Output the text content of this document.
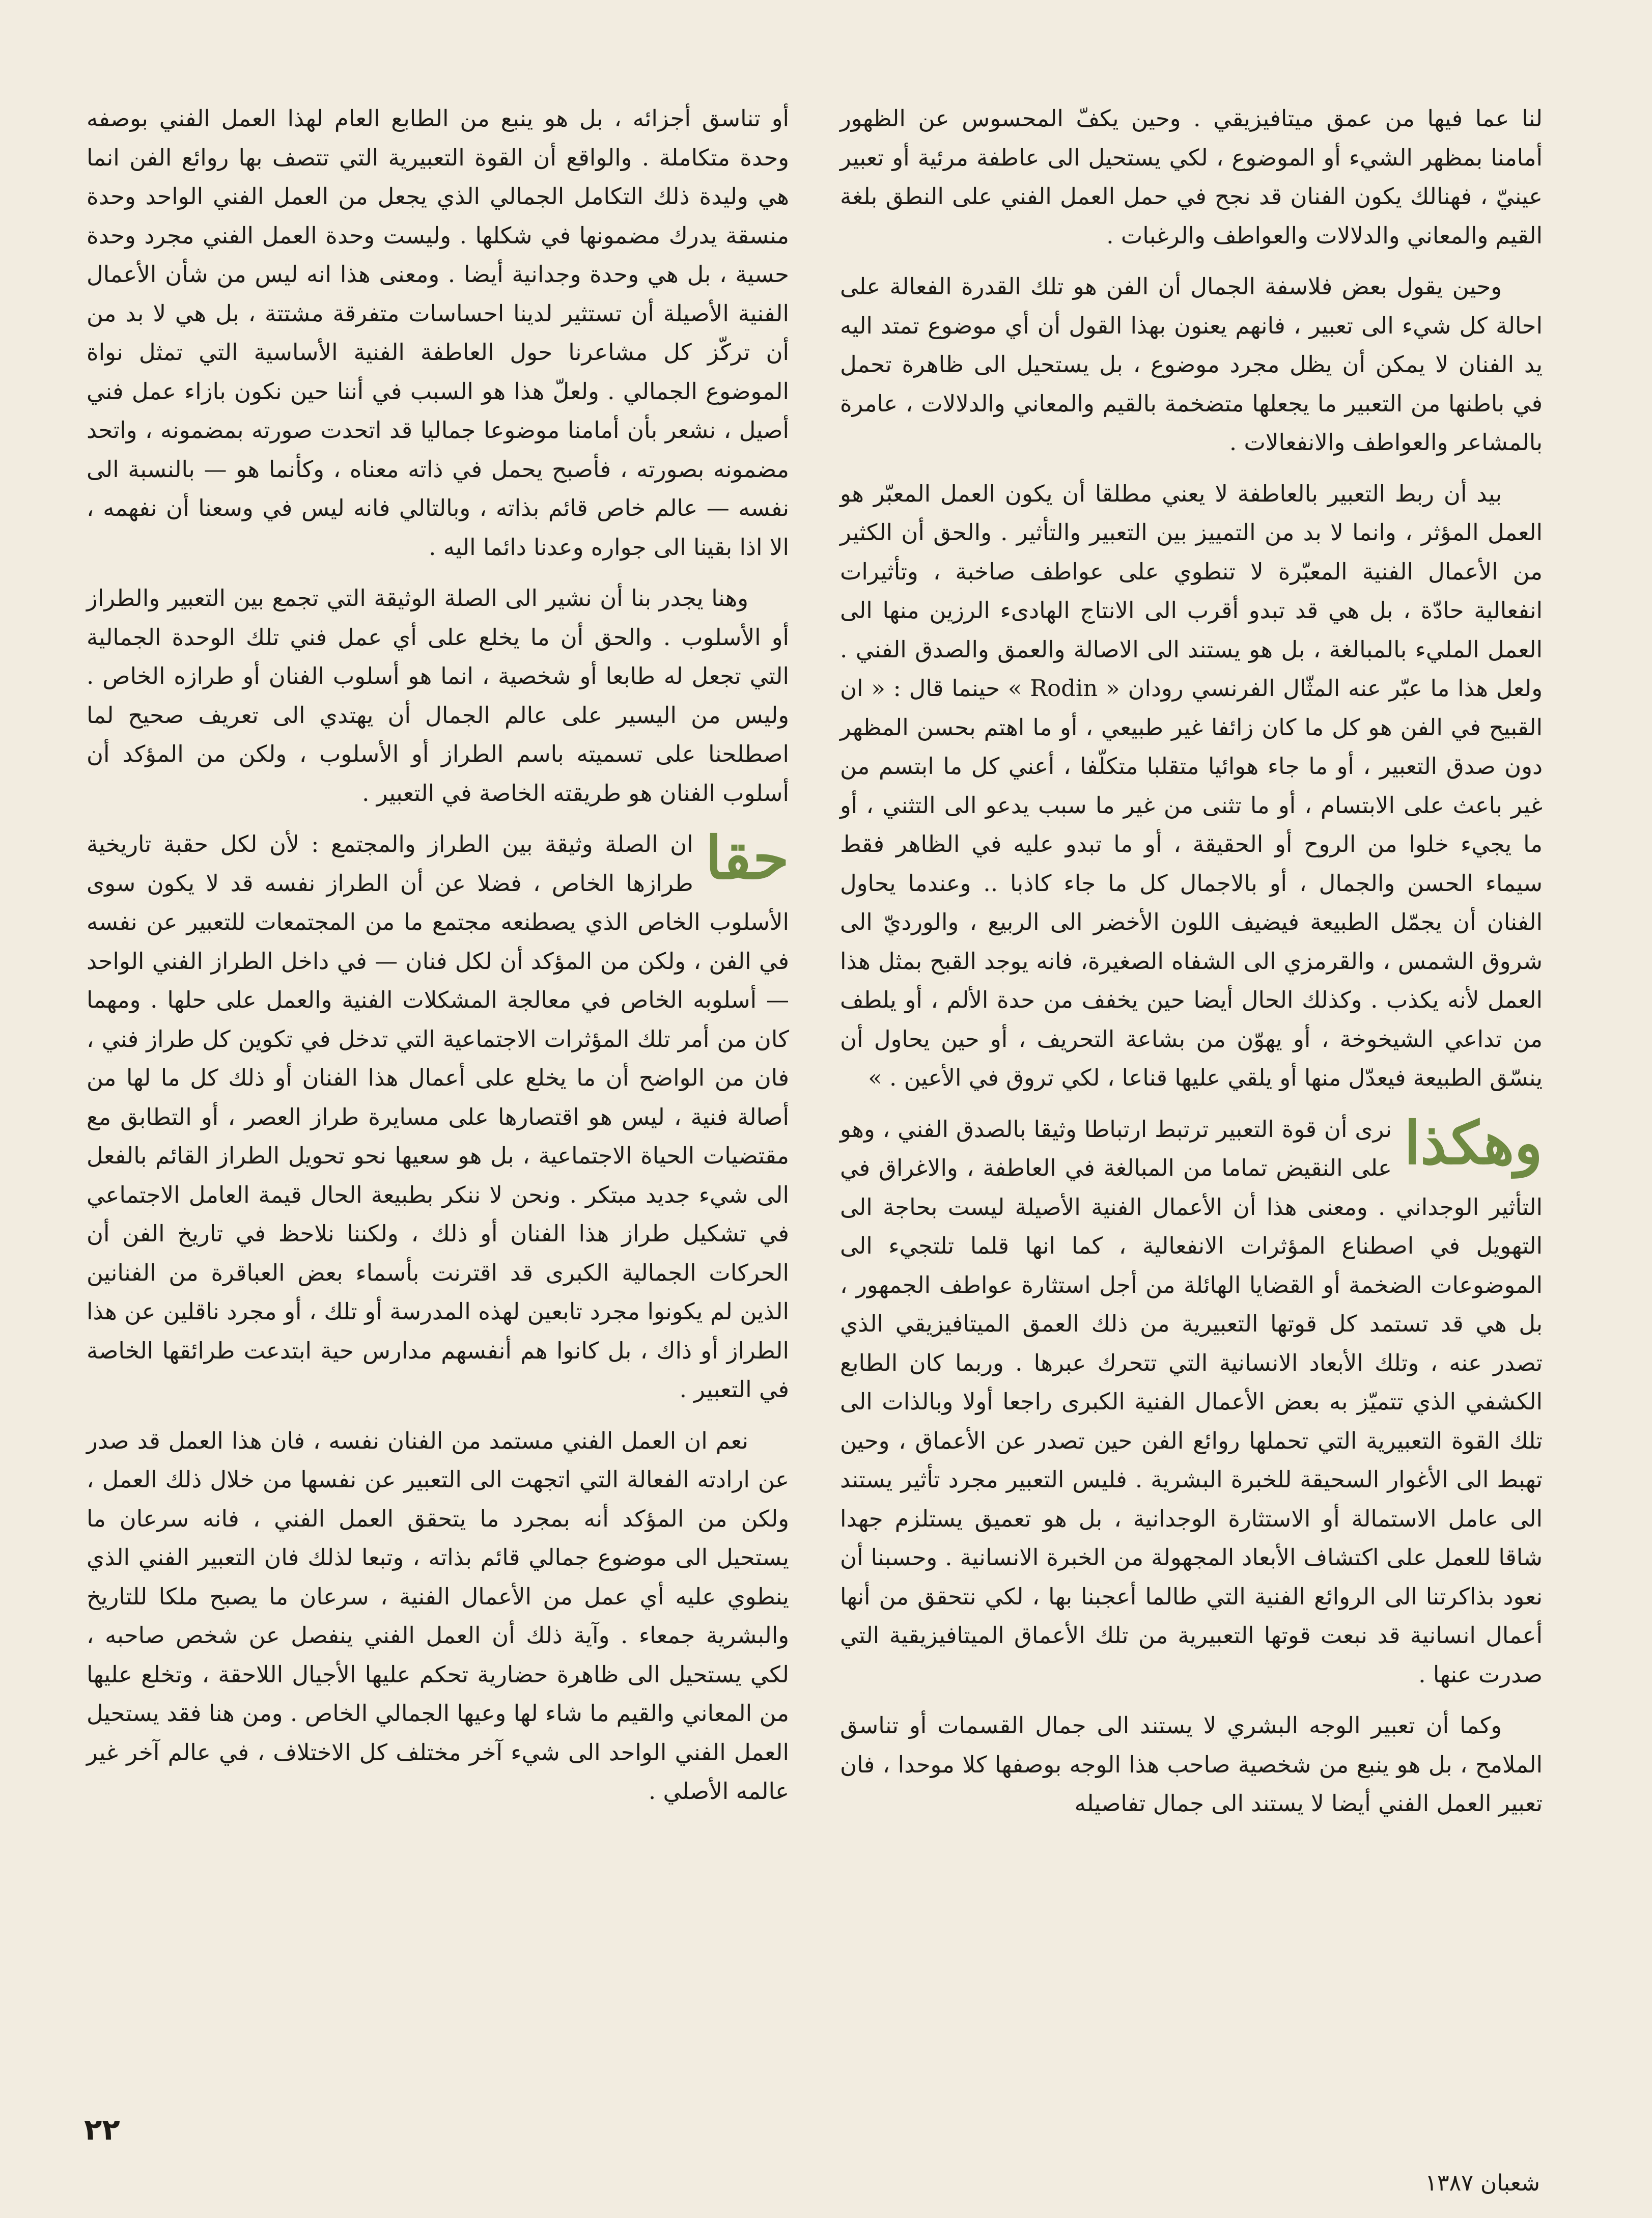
لنا عما فيها من عمق ميتافيزيقي . وحين يكفّ المحسوس عن الظهور أمامنا بمظهر الشيء أو الموضوع ، لكي يستحيل الى عاطفة مرئية أو تعبير عينيّ ، فهنالك يكون الفنان قد نجح في حمل العمل الفني على النطق بلغة القيم والمعاني والدلالات والعواطف والرغبات .

وحين يقول بعض فلاسفة الجمال أن الفن هو تلك القدرة الفعالة على احالة كل شيء الى تعبير ، فانهم يعنون بهذا القول أن أي موضوع تمتد اليه يد الفنان لا يمكن أن يظل مجرد موضوع ، بل يستحيل الى ظاهرة تحمل في باطنها من التعبير ما يجعلها متضخمة بالقيم والمعاني والدلالات ، عامرة بالمشاعر والعواطف والانفعالات .

بيد أن ربط التعبير بالعاطفة لا يعني مطلقا أن يكون العمل المعبّر هو العمل المؤثر ، وانما لا بد من التمييز بين التعبير والتأثير . والحق أن الكثير من الأعمال الفنية المعبّرة لا تنطوي على عواطف صاخبة ، وتأثيرات انفعالية حادّة ، بل هي قد تبدو أقرب الى الانتاج الهادىء الرزين منها الى العمل المليء بالمبالغة ، بل هو يستند الى الاصالة والعمق والصدق الفني . ولعل هذا ما عبّر عنه المثّال الفرنسي رودان « Rodin » حينما قال : « ان القبيح في الفن هو كل ما كان زائفا غير طبيعي ، أو ما اهتم بحسن المظهر دون صدق التعبير ، أو ما جاء هوائيا متقلبا متكلّفا ، أعني كل ما ابتسم من غير باعث على الابتسام ، أو ما تثنى من غير ما سبب يدعو الى التثني ، أو ما يجيء خلوا من الروح أو الحقيقة ، أو ما تبدو عليه في الظاهر فقط سيماء الحسن والجمال ، أو بالاجمال كل ما جاء كاذبا .. وعندما يحاول الفنان أن يجمّل الطبيعة فيضيف اللون الأخضر الى الربيع ، والورديّ الى شروق الشمس ، والقرمزي الى الشفاه الصغيرة، فانه يوجد القبح بمثل هذا العمل لأنه يكذب . وكذلك الحال أيضا حين يخفف من حدة الألم ، أو يلطف من تداعي الشيخوخة ، أو يهوّن من بشاعة التحريف ، أو حين يحاول أن ينسّق الطبيعة فيعدّل منها أو يلقي عليها قناعا ، لكي تروق في الأعين . »

وهكذا
نرى أن قوة التعبير ترتبط ارتباطا وثيقا بالصدق الفني ، وهو على النقيض تماما من المبالغة في العاطفة ، والاغراق في التأثير الوجداني . ومعنى هذا أن الأعمال الفنية الأصيلة ليست بحاجة الى التهويل في اصطناع المؤثرات الانفعالية ، كما انها قلما تلتجيء الى الموضوعات الضخمة أو القضايا الهائلة من أجل استثارة عواطف الجمهور ، بل هي قد تستمد كل قوتها التعبيرية من ذلك العمق الميتافيزيقي الذي تصدر عنه ، وتلك الأبعاد الانسانية التي تتحرك عبرها . وربما كان الطابع الكشفي الذي تتميّز به بعض الأعمال الفنية الكبرى راجعا أولا وبالذات الى تلك القوة التعبيرية التي تحملها روائع الفن حين تصدر عن الأعماق ، وحين تهبط الى الأغوار السحيقة للخبرة البشرية . فليس التعبير مجرد تأثير يستند الى عامل الاستمالة أو الاستثارة الوجدانية ، بل هو تعميق يستلزم جهدا شاقا للعمل على اكتشاف الأبعاد المجهولة من الخبرة الانسانية . وحسبنا أن نعود بذاكرتنا الى الروائع الفنية التي طالما أعجبنا بها ، لكي نتحقق من أنها أعمال انسانية قد نبعت قوتها التعبيرية من تلك الأعماق الميتافيزيقية التي صدرت عنها .

وكما أن تعبير الوجه البشري لا يستند الى جمال القسمات أو تناسق الملامح ، بل هو ينبع من شخصية صاحب هذا الوجه بوصفها كلا موحدا ، فان تعبير العمل الفني أيضا لا يستند الى جمال تفاصيله

أو تناسق أجزائه ، بل هو ينبع من الطابع العام لهذا العمل الفني بوصفه وحدة متكاملة . والواقع أن القوة التعبيرية التي تتصف بها روائع الفن انما هي وليدة ذلك التكامل الجمالي الذي يجعل من العمل الفني الواحد وحدة منسقة يدرك مضمونها في شكلها . وليست وحدة العمل الفني مجرد وحدة حسية ، بل هي وحدة وجدانية أيضا . ومعنى هذا انه ليس من شأن الأعمال الفنية الأصيلة أن تستثير لدينا احساسات متفرقة مشتتة ، بل هي لا بد من أن تركّز كل مشاعرنا حول العاطفة الفنية الأساسية التي تمثل نواة الموضوع الجمالي . ولعلّ هذا هو السبب في أننا حين نكون بازاء عمل فني أصيل ، نشعر بأن أمامنا موضوعا جماليا قد اتحدت صورته بمضمونه ، واتحد مضمونه بصورته ، فأصبح يحمل في ذاته معناه ، وكأنما هو — بالنسبة الى نفسه — عالم خاص قائم بذاته ، وبالتالي فانه ليس في وسعنا أن نفهمه ، الا اذا بقينا الى جواره وعدنا دائما اليه .

وهنا يجدر بنا أن نشير الى الصلة الوثيقة التي تجمع بين التعبير والطراز أو الأسلوب . والحق أن ما يخلع على أي عمل فني تلك الوحدة الجمالية التي تجعل له طابعا أو شخصية ، انما هو أسلوب الفنان أو طرازه الخاص . وليس من اليسير على عالم الجمال أن يهتدي الى تعريف صحيح لما اصطلحنا على تسميته باسم الطراز أو الأسلوب ، ولكن من المؤكد أن أسلوب الفنان هو طريقته الخاصة في التعبير .

حقا
ان الصلة وثيقة بين الطراز والمجتمع : لأن لكل حقبة تاريخية طرازها الخاص ، فضلا عن أن الطراز نفسه قد لا يكون سوى الأسلوب الخاص الذي يصطنعه مجتمع ما من المجتمعات للتعبير عن نفسه في الفن ، ولكن من المؤكد أن لكل فنان — في داخل الطراز الفني الواحد — أسلوبه الخاص في معالجة المشكلات الفنية والعمل على حلها . ومهما كان من أمر تلك المؤثرات الاجتماعية التي تدخل في تكوين كل طراز فني ، فان من الواضح أن ما يخلع على أعمال هذا الفنان أو ذلك كل ما لها من أصالة فنية ، ليس هو اقتصارها على مسايرة طراز العصر ، أو التطابق مع مقتضيات الحياة الاجتماعية ، بل هو سعيها نحو تحويل الطراز القائم بالفعل الى شيء جديد مبتكر . ونحن لا ننكر بطبيعة الحال قيمة العامل الاجتماعي في تشكيل طراز هذا الفنان أو ذلك ، ولكننا نلاحظ في تاريخ الفن أن الحركات الجمالية الكبرى قد اقترنت بأسماء بعض العباقرة من الفنانين الذين لم يكونوا مجرد تابعين لهذه المدرسة أو تلك ، أو مجرد ناقلين عن هذا الطراز أو ذاك ، بل كانوا هم أنفسهم مدارس حية ابتدعت طرائقها الخاصة في التعبير .

نعم ان العمل الفني مستمد من الفنان نفسه ، فان هذا العمل قد صدر عن ارادته الفعالة التي اتجهت الى التعبير عن نفسها من خلال ذلك العمل ، ولكن من المؤكد أنه بمجرد ما يتحقق العمل الفني ، فانه سرعان ما يستحيل الى موضوع جمالي قائم بذاته ، وتبعا لذلك فان التعبير الفني الذي ينطوي عليه أي عمل من الأعمال الفنية ، سرعان ما يصبح ملكا للتاريخ والبشرية جمعاء . وآية ذلك أن العمل الفني ينفصل عن شخص صاحبه ، لكي يستحيل الى ظاهرة حضارية تحكم عليها الأجيال اللاحقة ، وتخلع عليها من المعاني والقيم ما شاء لها وعيها الجمالي الخاص . ومن هنا فقد يستحيل العمل الفني الواحد الى شيء آخر مختلف كل الاختلاف ، في عالم آخر غير عالمه الأصلي .

٢٢
شعبان ١٣٨٧
